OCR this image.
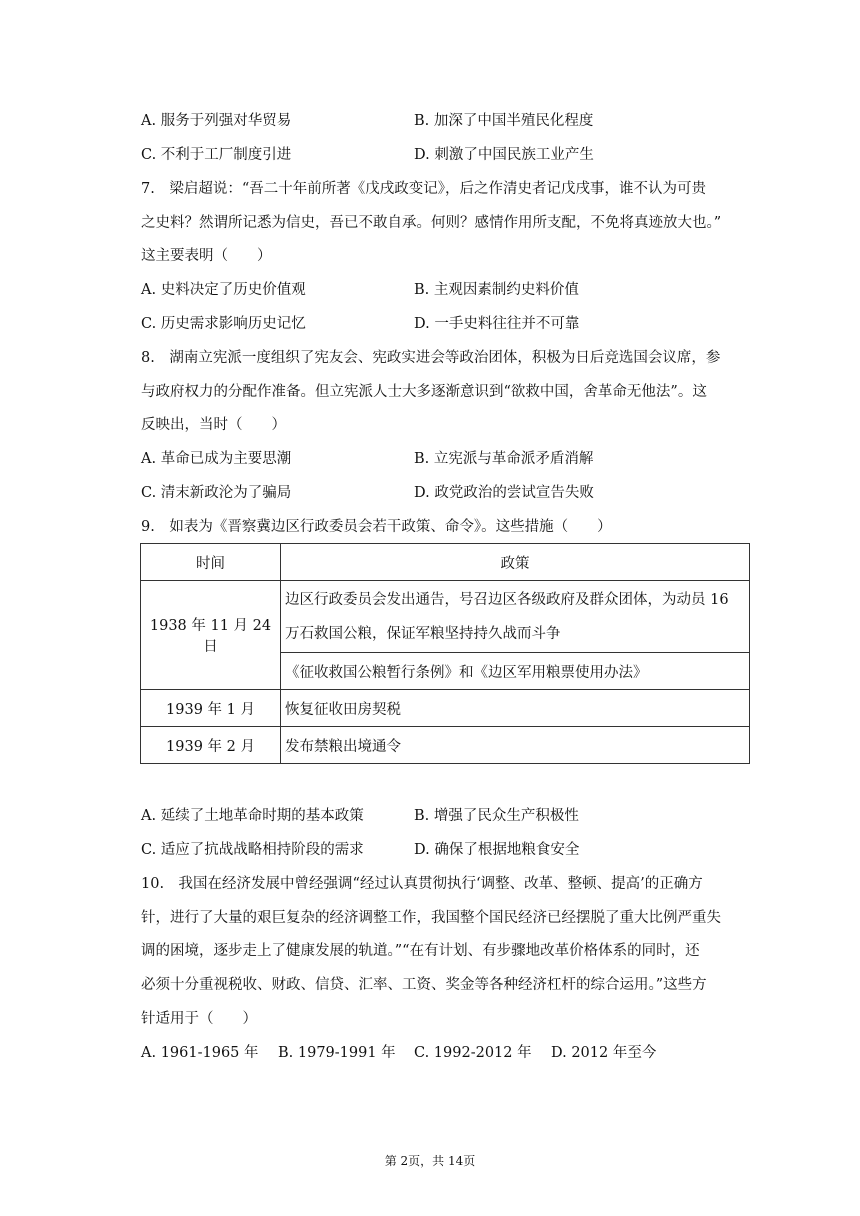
A. 服务于列强对华贸易	B. 加深了中国半殖民化程度
C. 不利于工厂制度引进	D. 刺激了中国民族工业产生
7.　梁启超说：“吾二十年前所著《戊戌政变记》，后之作清史者记戊戌事，谁不认为可贵
之史料？然谓所记悉为信史，吾已不敢自承。何则？感情作用所支配，不免将真迹放大也。”
这主要表明（　　）
A. 史料决定了历史价值观	B. 主观因素制约史料价值
C. 历史需求影响历史记忆	D. 一手史料往往并不可靠
8.　湖南立宪派一度组织了宪友会、宪政实进会等政治团体，积极为日后竞选国会议席，参
与政府权力的分配作准备。但立宪派人士大多逐渐意识到“欲救中国，舍革命无他法”。这
反映出，当时（　　）
A. 革命已成为主要思潮	B. 立宪派与革命派矛盾消解
C. 清末新政沦为了骗局	D. 政党政治的尝试宣告失败
9.　如表为《晋察冀边区行政委员会若干政策、命令》。这些措施（　　）
时间	政策
1938 年 11 月 24 日	边区行政委员会发出通告，号召边区各级政府及群众团体，为动员 16
万石救国公粮，保证军粮坚持持久战而斗争

	《征收救国公粮暂行条例》和《边区军用粮票使用办法》
1939 年 1 月	恢复征收田房契税
1939 年 2 月	发布禁粮出境通令
A. 延续了土地革命时期的基本政策	B. 增强了民众生产积极性
C. 适应了抗战战略相持阶段的需求	D. 确保了根据地粮食安全
10.　我国在经济发展中曾经强调“经过认真贯彻执行‘调整、改革、整顿、提高’的正确方
针，进行了大量的艰巨复杂的经济调整工作，我国整个国民经济已经摆脱了重大比例严重失
调的困境，逐步走上了健康发展的轨道。”“在有计划、有步骤地改革价格体系的同时，还
必须十分重视税收、财政、信贷、汇率、工资、奖金等各种经济杠杆的综合运用。”这些方
针适用于（　　）
A. 1961-1965 年 B. 1979-1991 年 C. 1992-2012 年 D. 2012 年至今
第 2页，共 14页
